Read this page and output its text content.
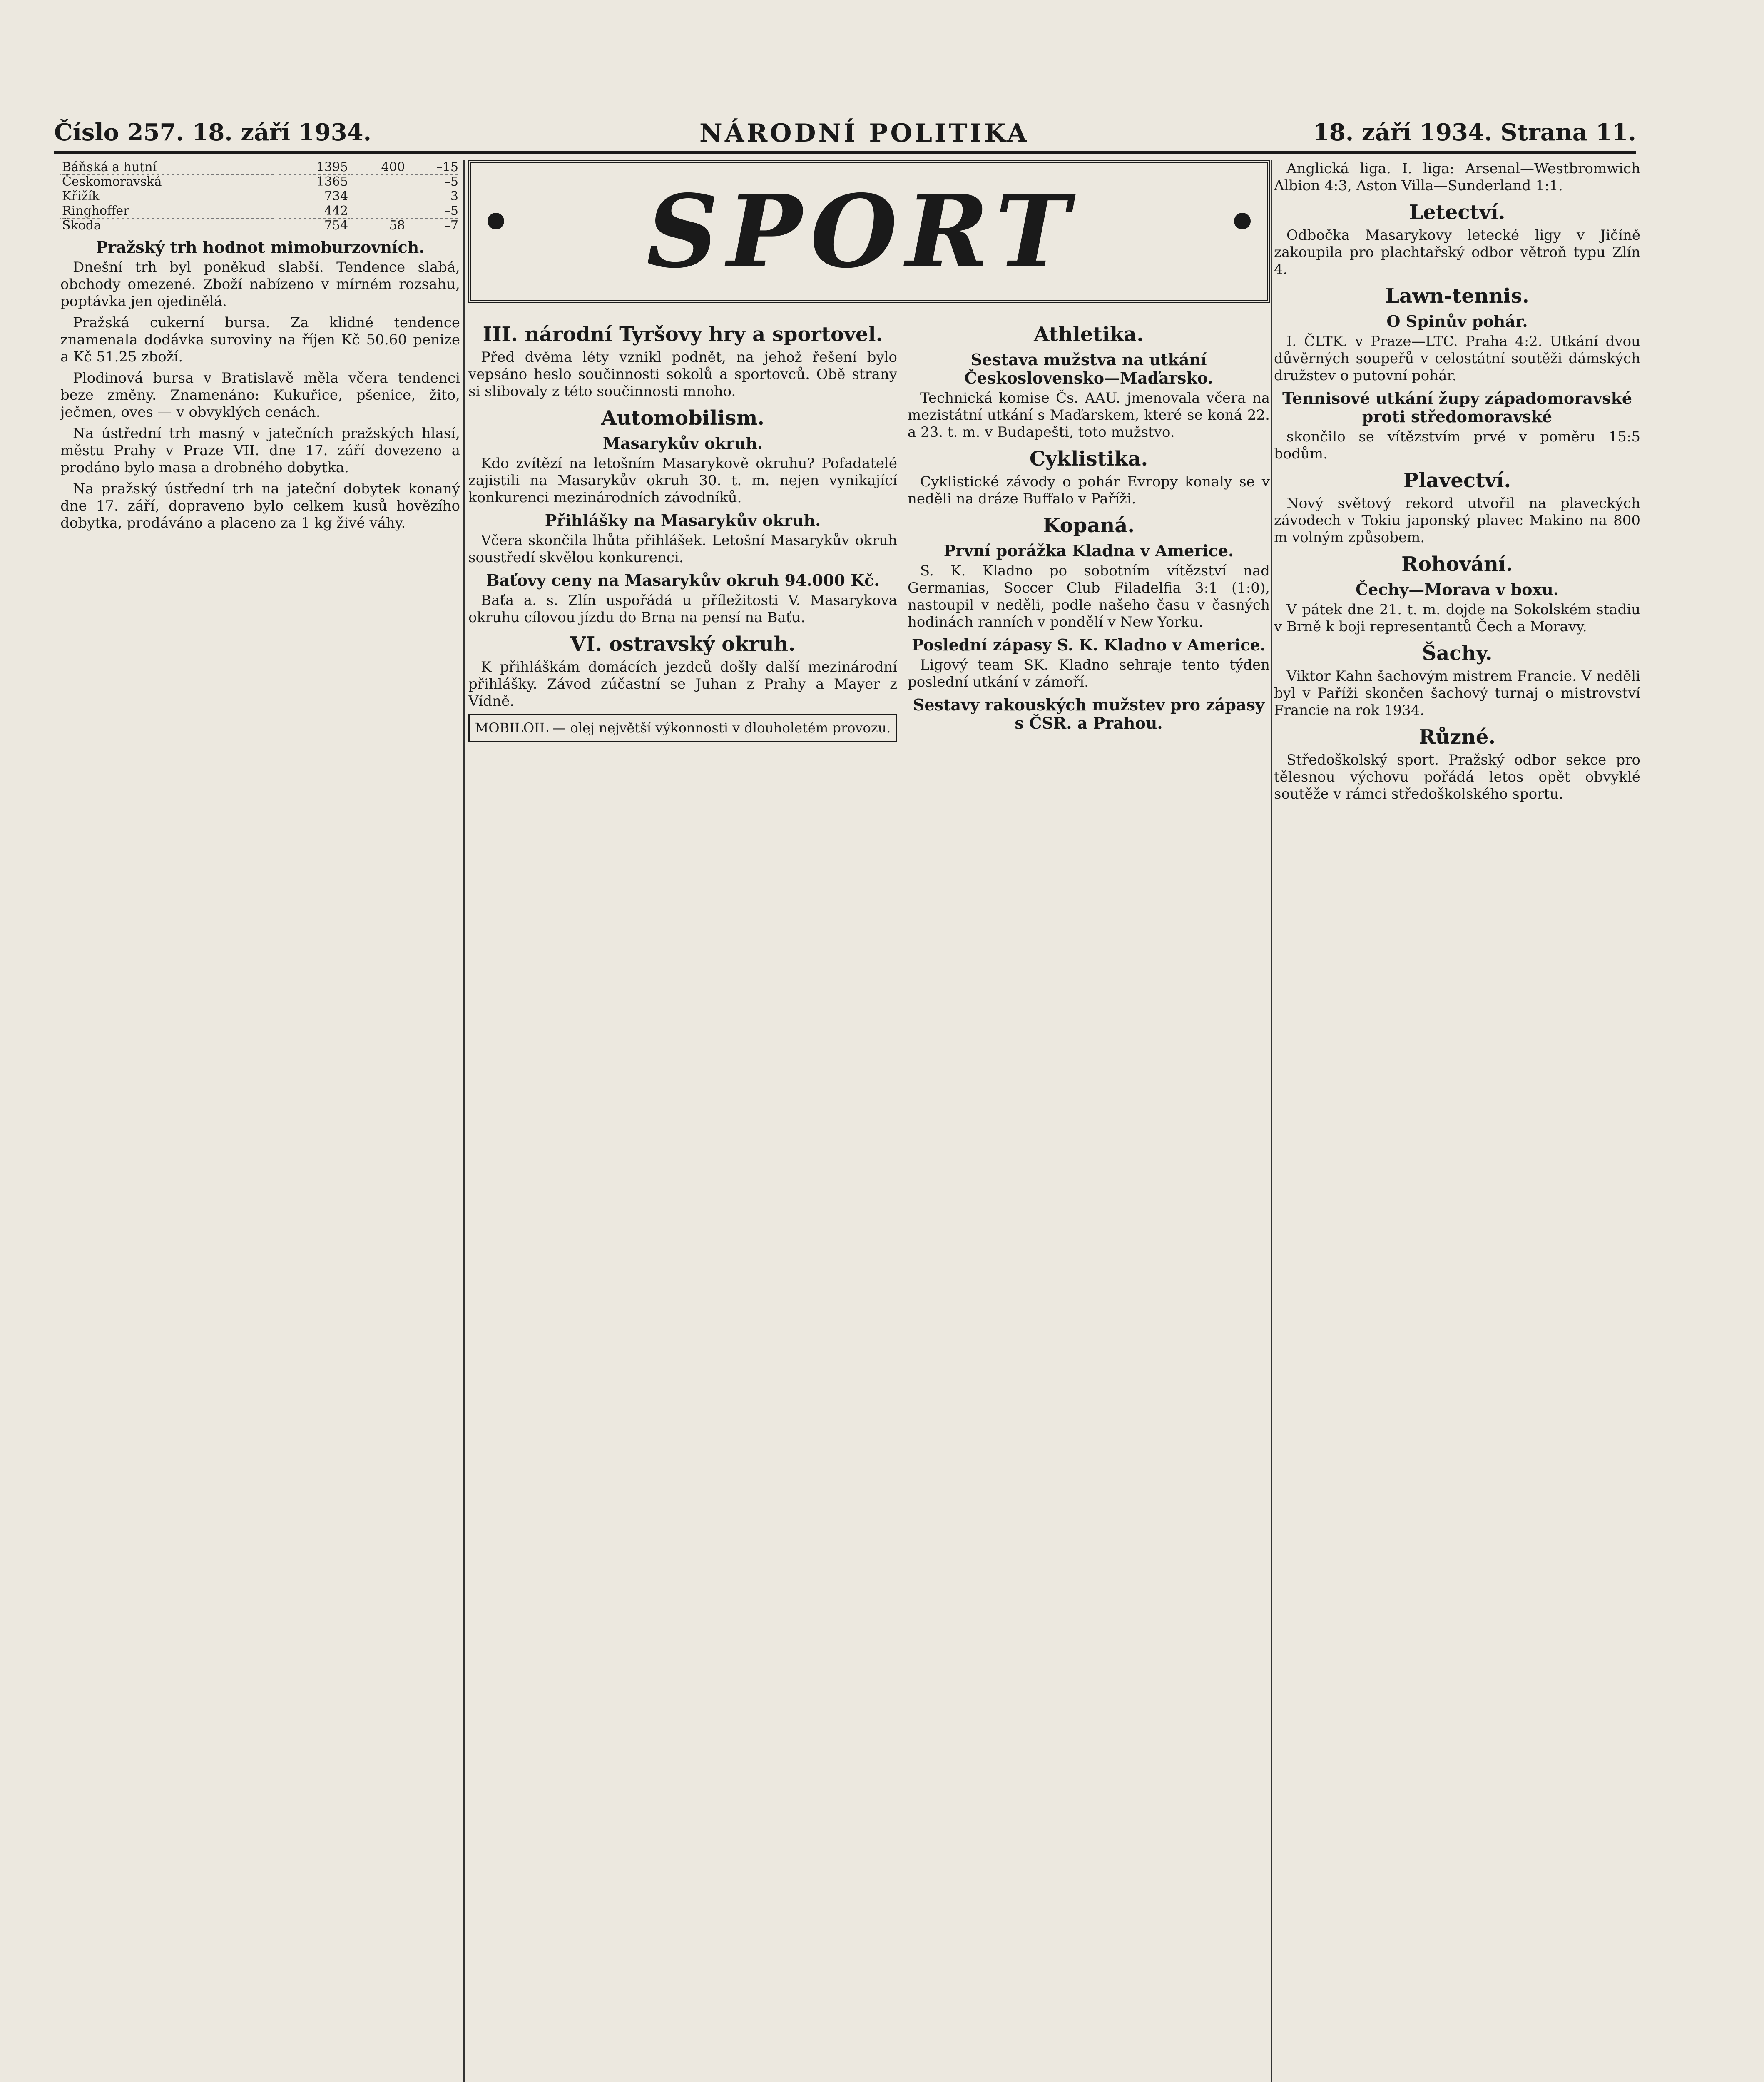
Číslo 257. 18. září 1934.	NÁRODNÍ POLITIKA	18. září 1934. Strana 11.
Báňská a hutní	1395	400	–15
Českomoravská	1365		–5
Křižík	734		–3
Ringhoffer	442		–5
Škoda	754	58	–7
Pražský trh hodnot mimoburzovních.

Dnešní trh byl poněkud slabší. Tendence slabá, obchody omezené. Zboží nabízeno v mírném rozsahu, poptávka jen ojedinělá.

Pražská cukerní bursa. Za klidné tendence znamenala dodávka suroviny na říjen Kč 50.60 penize a Kč 51.25 zboží.

Plodinová bursa v Bratislavě měla včera tendenci beze změny. Znamenáno: Kukuřice, pšenice, žito, ječmen, oves — v obvyklých cenách.

Na ústřední trh masný v jatečních pražských hlasí, městu Prahy v Praze VII. dne 17. září dovezeno a prodáno bylo masa a drobného dobytka.

Na pražský ústřední trh na jateční dobytek konaný dne 17. září, dopraveno bylo celkem kusů hovězího dobytka, prodáváno a placeno za 1 kg živé váhy.

SPORT
III. národní Tyršovy hry a sportovel.

Před dvěma léty vznikl podnět, na jehož řešení bylo vepsáno heslo součinnosti sokolů a sportovců. Obě strany si slibovaly z této součinnosti mnoho.

Automobilism.
Masarykův okruh.

Kdo zvítězí na letošním Masarykově okruhu? Pofadatelé zajistili na Masarykův okruh 30. t. m. nejen vynikající konkurenci mezinárodních závodníků.

Přihlášky na Masarykův okruh.

Včera skončila lhůta přihlášek. Letošní Masarykův okruh soustředí skvělou konkurenci.

Baťovy ceny na Masarykův okruh 94.000 Kč.

Baťa a. s. Zlín uspořádá u příležitosti V. Masarykova okruhu cílovou jízdu do Brna na pensí na Baťu.

VI. ostravský okruh.

K přihláškám domácích jezdců došly další mezinárodní přihlášky. Závod zúčastní se Juhan z Prahy a Mayer z Vídně.

MOBILOIL — olej největší výkonnosti v dlouholetém provozu.
Athletika.
Sestava mužstva na utkání Československo—Maďarsko.

Technická komise Čs. AAU. jmenovala včera na mezistátní utkání s Maďarskem, které se koná 22. a 23. t. m. v Budapešti, toto mužstvo.

Cyklistika.

Cyklistické závody o pohár Evropy konaly se v neděli na dráze Buffalo v Paříži.

Kopaná.
První porážka Kladna v Americe.

S. K. Kladno po sobotním vítězství nad Germanias, Soccer Club Filadelfia 3:1 (1:0), nastoupil v neděli, podle našeho času v časných hodinách ranních v pondělí v New Yorku.

Poslední zápasy S. K. Kladno v Americe.

Ligový team SK. Kladno sehraje tento týden poslední utkání v zámoří.

Sestavy rakouských mužstev pro zápasy s ČSR. a Prahou.

Anglická liga. I. liga: Arsenal—Westbromwich Albion 4:3, Aston Villa—Sunderland 1:1.

Letectví.

Odbočka Masarykovy letecké ligy v Jičíně zakoupila pro plachtařský odbor větroň typu Zlín 4.

Lawn-tennis.
O Spinův pohár.

I. ČLTK. v Praze—LTC. Praha 4:2. Utkání dvou důvěrných soupeřů v celostátní soutěži dámských družstev o putovní pohár.

Tennisové utkání župy západomoravské proti středomoravské

skončilo se vítězstvím prvé v poměru 15:5 bodům.

Plavectví.

Nový světový rekord utvořil na plaveckých závodech v Tokiu japonský plavec Makino na 800 m volným způsobem.

Rohování.
Čechy—Morava v boxu.

V pátek dne 21. t. m. dojde na Sokolském stadiu v Brně k boji representantů Čech a Moravy.

Šachy.

Viktor Kahn šachovým mistrem Francie. V neděli byl v Paříži skončen šachový turnaj o mistrovství Francie na rok 1934.

Různé.

Středoškolský sport. Pražský odbor sekce pro tělesnou výchovu pořádá letos opět obvyklé soutěže v rámci středoškolského sportu.
